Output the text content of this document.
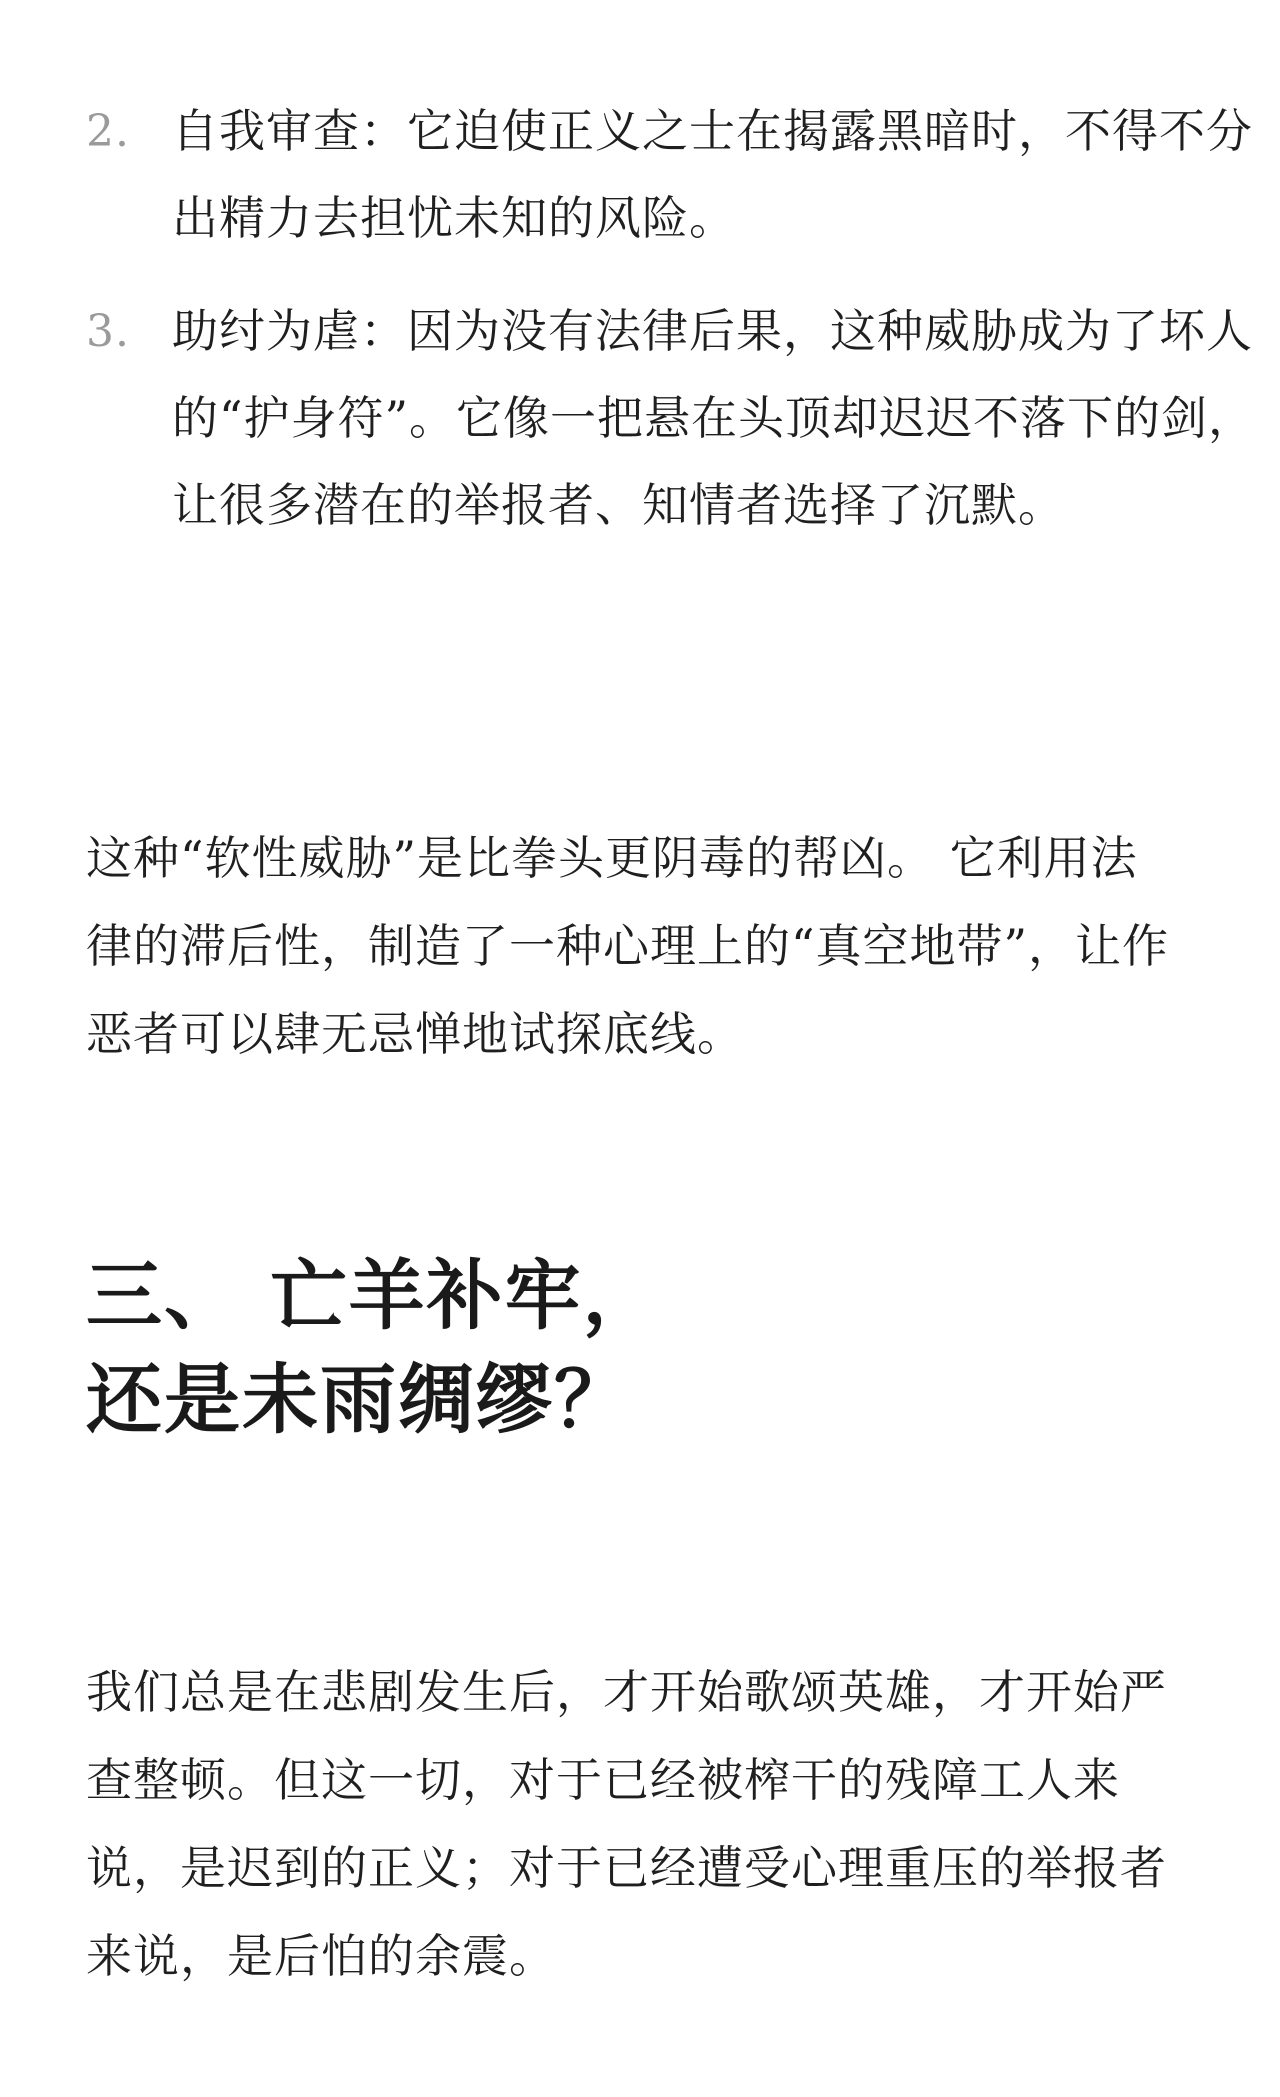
2. 自我审查：它迫使正义之士在揭露黑暗时，不得不分出精力去担忧未知的风险。
3. 助纣为虐：因为没有法律后果，这种威胁成为了坏人的“护身符”。它像一把悬在头顶却迟迟不落下的剑，让很多潜在的举报者、知情者选择了沉默。

这种“软性威胁”是比拳头更阴毒的帮凶。 它利用法律的滞后性，制造了一种心理上的“真空地带”，让作恶者可以肆无忌惮地试探底线。

三、 亡羊补牢，
还是未雨绸缪？

我们总是在悲剧发生后，才开始歌颂英雄，才开始严查整顿。但这一切，对于已经被榨干的残障工人来说，是迟到的正义；对于已经遭受心理重压的举报者来说，是后怕的余震。
